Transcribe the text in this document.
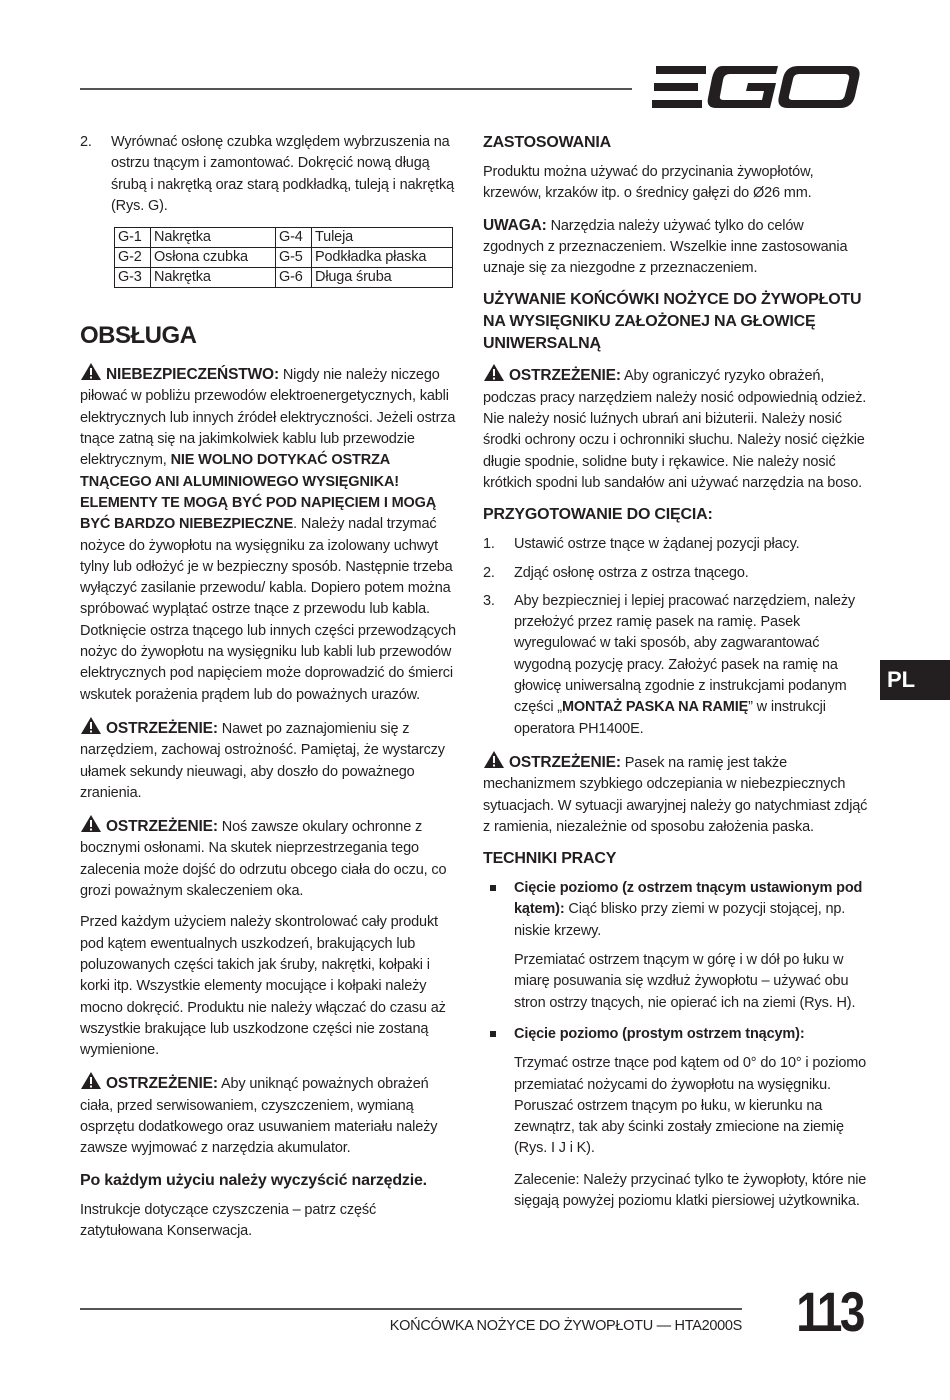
2. Wyrównać osłonę czubka względem wybrzuszenia na ostrzu tnącym i zamontować. Dokręcić nową długą śrubą i nakrętką oraz starą podkładką, tuleją i nakrętką (Rys. G).
G-1	Nakrętka	G-4	Tuleja
G-2	Osłona czubka	G-5	Podkładka płaska
G-3	Nakrętka	G-6	Długa śruba
OBSŁUGA

NIEBEZPIECZEŃSTWO: Nigdy nie należy niczego piłować w pobliżu przewodów elektroenergetycznych, kabli elektrycznych lub innych źródeł elektryczności. Jeżeli ostrza tnące zatną się na jakimkolwiek kablu lub przewodzie elektrycznym, NIE WOLNO DOTYKAĆ OSTRZA TNĄCEGO ANI ALUMINIOWEGO WYSIĘGNIKA! ELEMENTY TE MOGĄ BYĆ POD NAPIĘCIEM I MOGĄ BYĆ BARDZO NIEBEZPIECZNE. Należy nadal trzymać nożyce do żywopłotu na wysięgniku za izolowany uchwyt tylny lub odłożyć je w bezpieczny sposób. Następnie trzeba wyłączyć zasilanie przewodu/ kabla. Dopiero potem można spróbować wyplątać ostrze tnące z przewodu lub kabla. Dotknięcie ostrza tnącego lub innych części przewodzących nożyc do żywopłotu na wysięgniku lub kabli lub przewodów elektrycznych pod napięciem może doprowadzić do śmierci wskutek porażenia prądem lub do poważnych urazów.

OSTRZEŻENIE: Nawet po zaznajomieniu się z narzędziem, zachowaj ostrożność. Pamiętaj, że wystarczy ułamek sekundy nieuwagi, aby doszło do poważnego zranienia.

OSTRZEŻENIE: Noś zawsze okulary ochronne z bocznymi osłonami. Na skutek nieprzestrzegania tego zalecenia może dojść do odrzutu obcego ciała do oczu, co grozi poważnym skaleczeniem oka.

Przed każdym użyciem należy skontrolować cały produkt pod kątem ewentualnych uszkodzeń, brakujących lub poluzowanych części takich jak śruby, nakrętki, kołpaki i korki itp. Wszystkie elementy mocujące i kołpaki należy mocno dokręcić. Produktu nie należy włączać do czasu aż wszystkie brakujące lub uszkodzone części nie zostaną wymienione.

OSTRZEŻENIE: Aby uniknąć poważnych obrażeń ciała, przed serwisowaniem, czyszczeniem, wymianą osprzętu dodatkowego oraz usuwaniem materiału należy zawsze wyjmować z narzędzia akumulator.

Po każdym użyciu należy wyczyścić narzędzie.

Instrukcje dotyczące czyszczenia – patrz część zatytułowana Konserwacja.

ZASTOSOWANIA

Produktu można używać do przycinania żywopłotów, krzewów, krzaków itp. o średnicy gałęzi do Ø26 mm.

UWAGA: Narzędzia należy używać tylko do celów zgodnych z przeznaczeniem. Wszelkie inne zastosowania uznaje się za niezgodne z przeznaczeniem.

UŻYWANIE KOŃCÓWKI NOŻYCE DO ŻYWOPŁOTU NA WYSIĘGNIKU ZAŁOŻONEJ NA GŁOWICĘ UNIWERSALNĄ

OSTRZEŻENIE: Aby ograniczyć ryzyko obrażeń, podczas pracy narzędziem należy nosić odpowiednią odzież. Nie należy nosić luźnych ubrań ani biżuterii. Należy nosić środki ochrony oczu i ochronniki słuchu. Należy nosić ciężkie długie spodnie, solidne buty i rękawice. Nie należy nosić krótkich spodni lub sandałów ani używać narzędzia na boso.

PRZYGOTOWANIE DO CIĘCIA:
1. Ustawić ostrze tnące w żądanej pozycji płacy.
2. Zdjąć osłonę ostrza z ostrza tnącego.
3. Aby bezpieczniej i lepiej pracować narzędziem, należy przełożyć przez ramię pasek na ramię. Pasek wyregulować w taki sposób, aby zagwarantować wygodną pozycję pracy. Założyć pasek na ramię na głowicę uniwersalną zgodnie z instrukcjami podanym części „MONTAŻ PASKA NA RAMIĘ” w instrukcji operatora PH1400E.

OSTRZEŻENIE: Pasek na ramię jest także mechanizmem szybkiego odczepiania w niebezpiecznych sytuacjach. W sytuacji awaryjnej należy go natychmiast zdjąć z ramienia, niezależnie od sposobu założenia paska.

TECHNIKI PRACY
Cięcie poziomo (z ostrzem tnącym ustawionym pod kątem): Ciąć blisko przy ziemi w pozycji stojącej, np. niskie krzewy.

Przemiatać ostrzem tnącym w górę i w dół po łuku w miarę posuwania się wzdłuż żywopłotu – używać obu stron ostrzy tnących, nie opierać ich na ziemi (Rys. H).

Cięcie poziomo (prostym ostrzem tnącym):

Trzymać ostrze tnące pod kątem od 0° do 10° i poziomo przemiatać nożycami do żywopłotu na wysięgniku. Poruszać ostrzem tnącym po łuku, w kierunku na zewnątrz, tak aby ścinki zostały zmiecione na ziemię (Rys. I J i K).

Zalecenie: Należy przycinać tylko te żywopłoty, które nie sięgają powyżej poziomu klatki piersiowej użytkownika.

PL
KOŃCÓWKA NOŻYCE DO ŻYWOPŁOTU — HTA2000S 113
